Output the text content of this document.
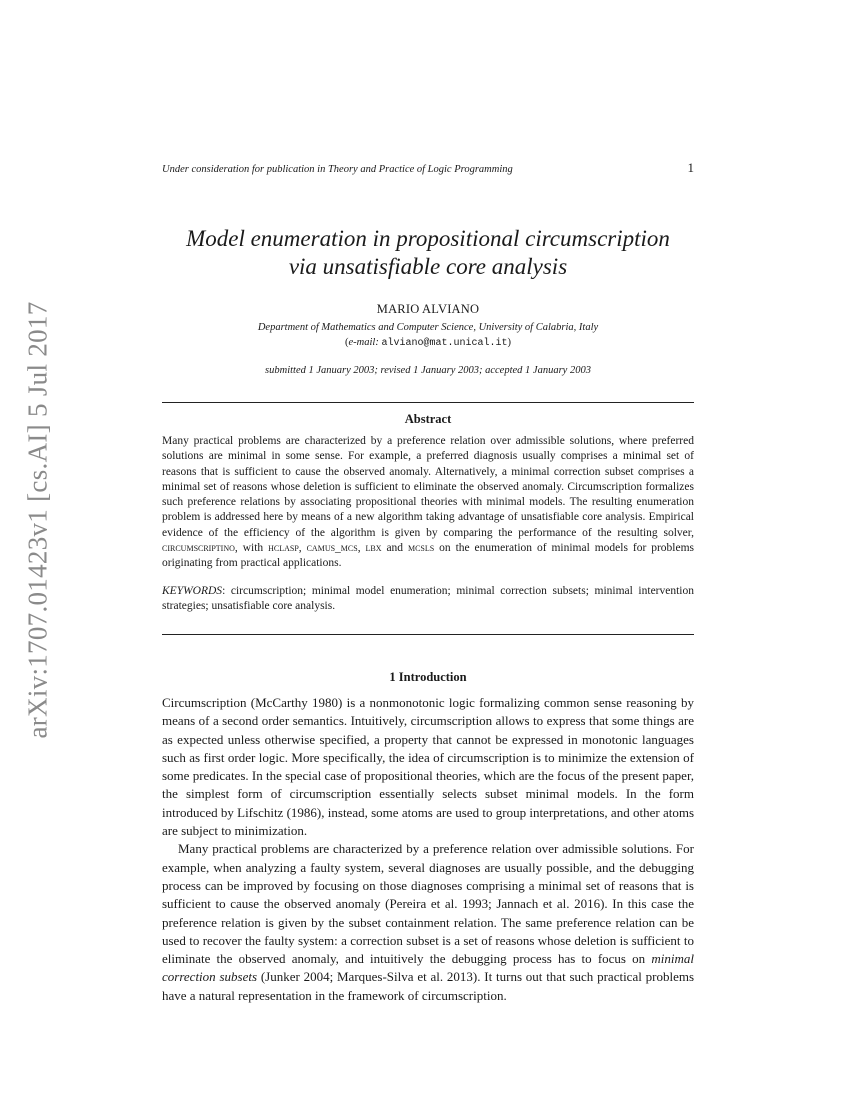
arXiv:1707.01423v1 [cs.AI] 5 Jul 2017
Under consideration for publication in Theory and Practice of Logic Programming	1
Model enumeration in propositional circumscription
via unsatisfiable core analysis
MARIO ALVIANO
Department of Mathematics and Computer Science, University of Calabria, Italy
(e-mail: alviano@mat.unical.it)
submitted 1 January 2003; revised 1 January 2003; accepted 1 January 2003
Abstract
Many practical problems are characterized by a preference relation over admissible solutions, where preferred solutions are minimal in some sense. For example, a preferred diagnosis usually comprises a minimal set of reasons that is sufficient to cause the observed anomaly. Alternatively, a minimal correction subset comprises a minimal set of reasons whose deletion is sufficient to eliminate the observed anomaly. Circumscription formalizes such preference relations by associating propositional theories with minimal models. The resulting enumeration problem is addressed here by means of a new algorithm taking advantage of unsatisfiable core analysis. Empirical evidence of the efficiency of the algorithm is given by comparing the performance of the resulting solver, circumscriptino, with hclasp, camus_mcs, lbx and mcsls on the enumeration of minimal models for problems originating from practical applications.
KEYWORDS: circumscription; minimal model enumeration; minimal correction subsets; minimal intervention strategies; unsatisfiable core analysis.
1 Introduction

Circumscription (McCarthy 1980) is a nonmonotonic logic formalizing common sense reasoning by means of a second order semantics. Intuitively, circumscription allows to express that some things are as expected unless otherwise specified, a property that cannot be expressed in monotonic languages such as first order logic. More specifically, the idea of circumscription is to minimize the extension of some predicates. In the special case of propositional theories, which are the focus of the present paper, the simplest form of circumscription essentially selects subset minimal models. In the form introduced by Lifschitz (1986), instead, some atoms are used to group interpretations, and other atoms are subject to minimization.

Many practical problems are characterized by a preference relation over admissible solutions. For example, when analyzing a faulty system, several diagnoses are usually possible, and the debugging process can be improved by focusing on those diagnoses comprising a minimal set of reasons that is sufficient to cause the observed anomaly (Pereira et al. 1993; Jannach et al. 2016). In this case the preference relation is given by the subset containment relation. The same preference relation can be used to recover the faulty system: a correction subset is a set of reasons whose deletion is sufficient to eliminate the observed anomaly, and intuitively the debugging process has to focus on minimal correction subsets (Junker 2004; Marques-Silva et al. 2013). It turns out that such practical problems have a natural representation in the framework of circumscription.
